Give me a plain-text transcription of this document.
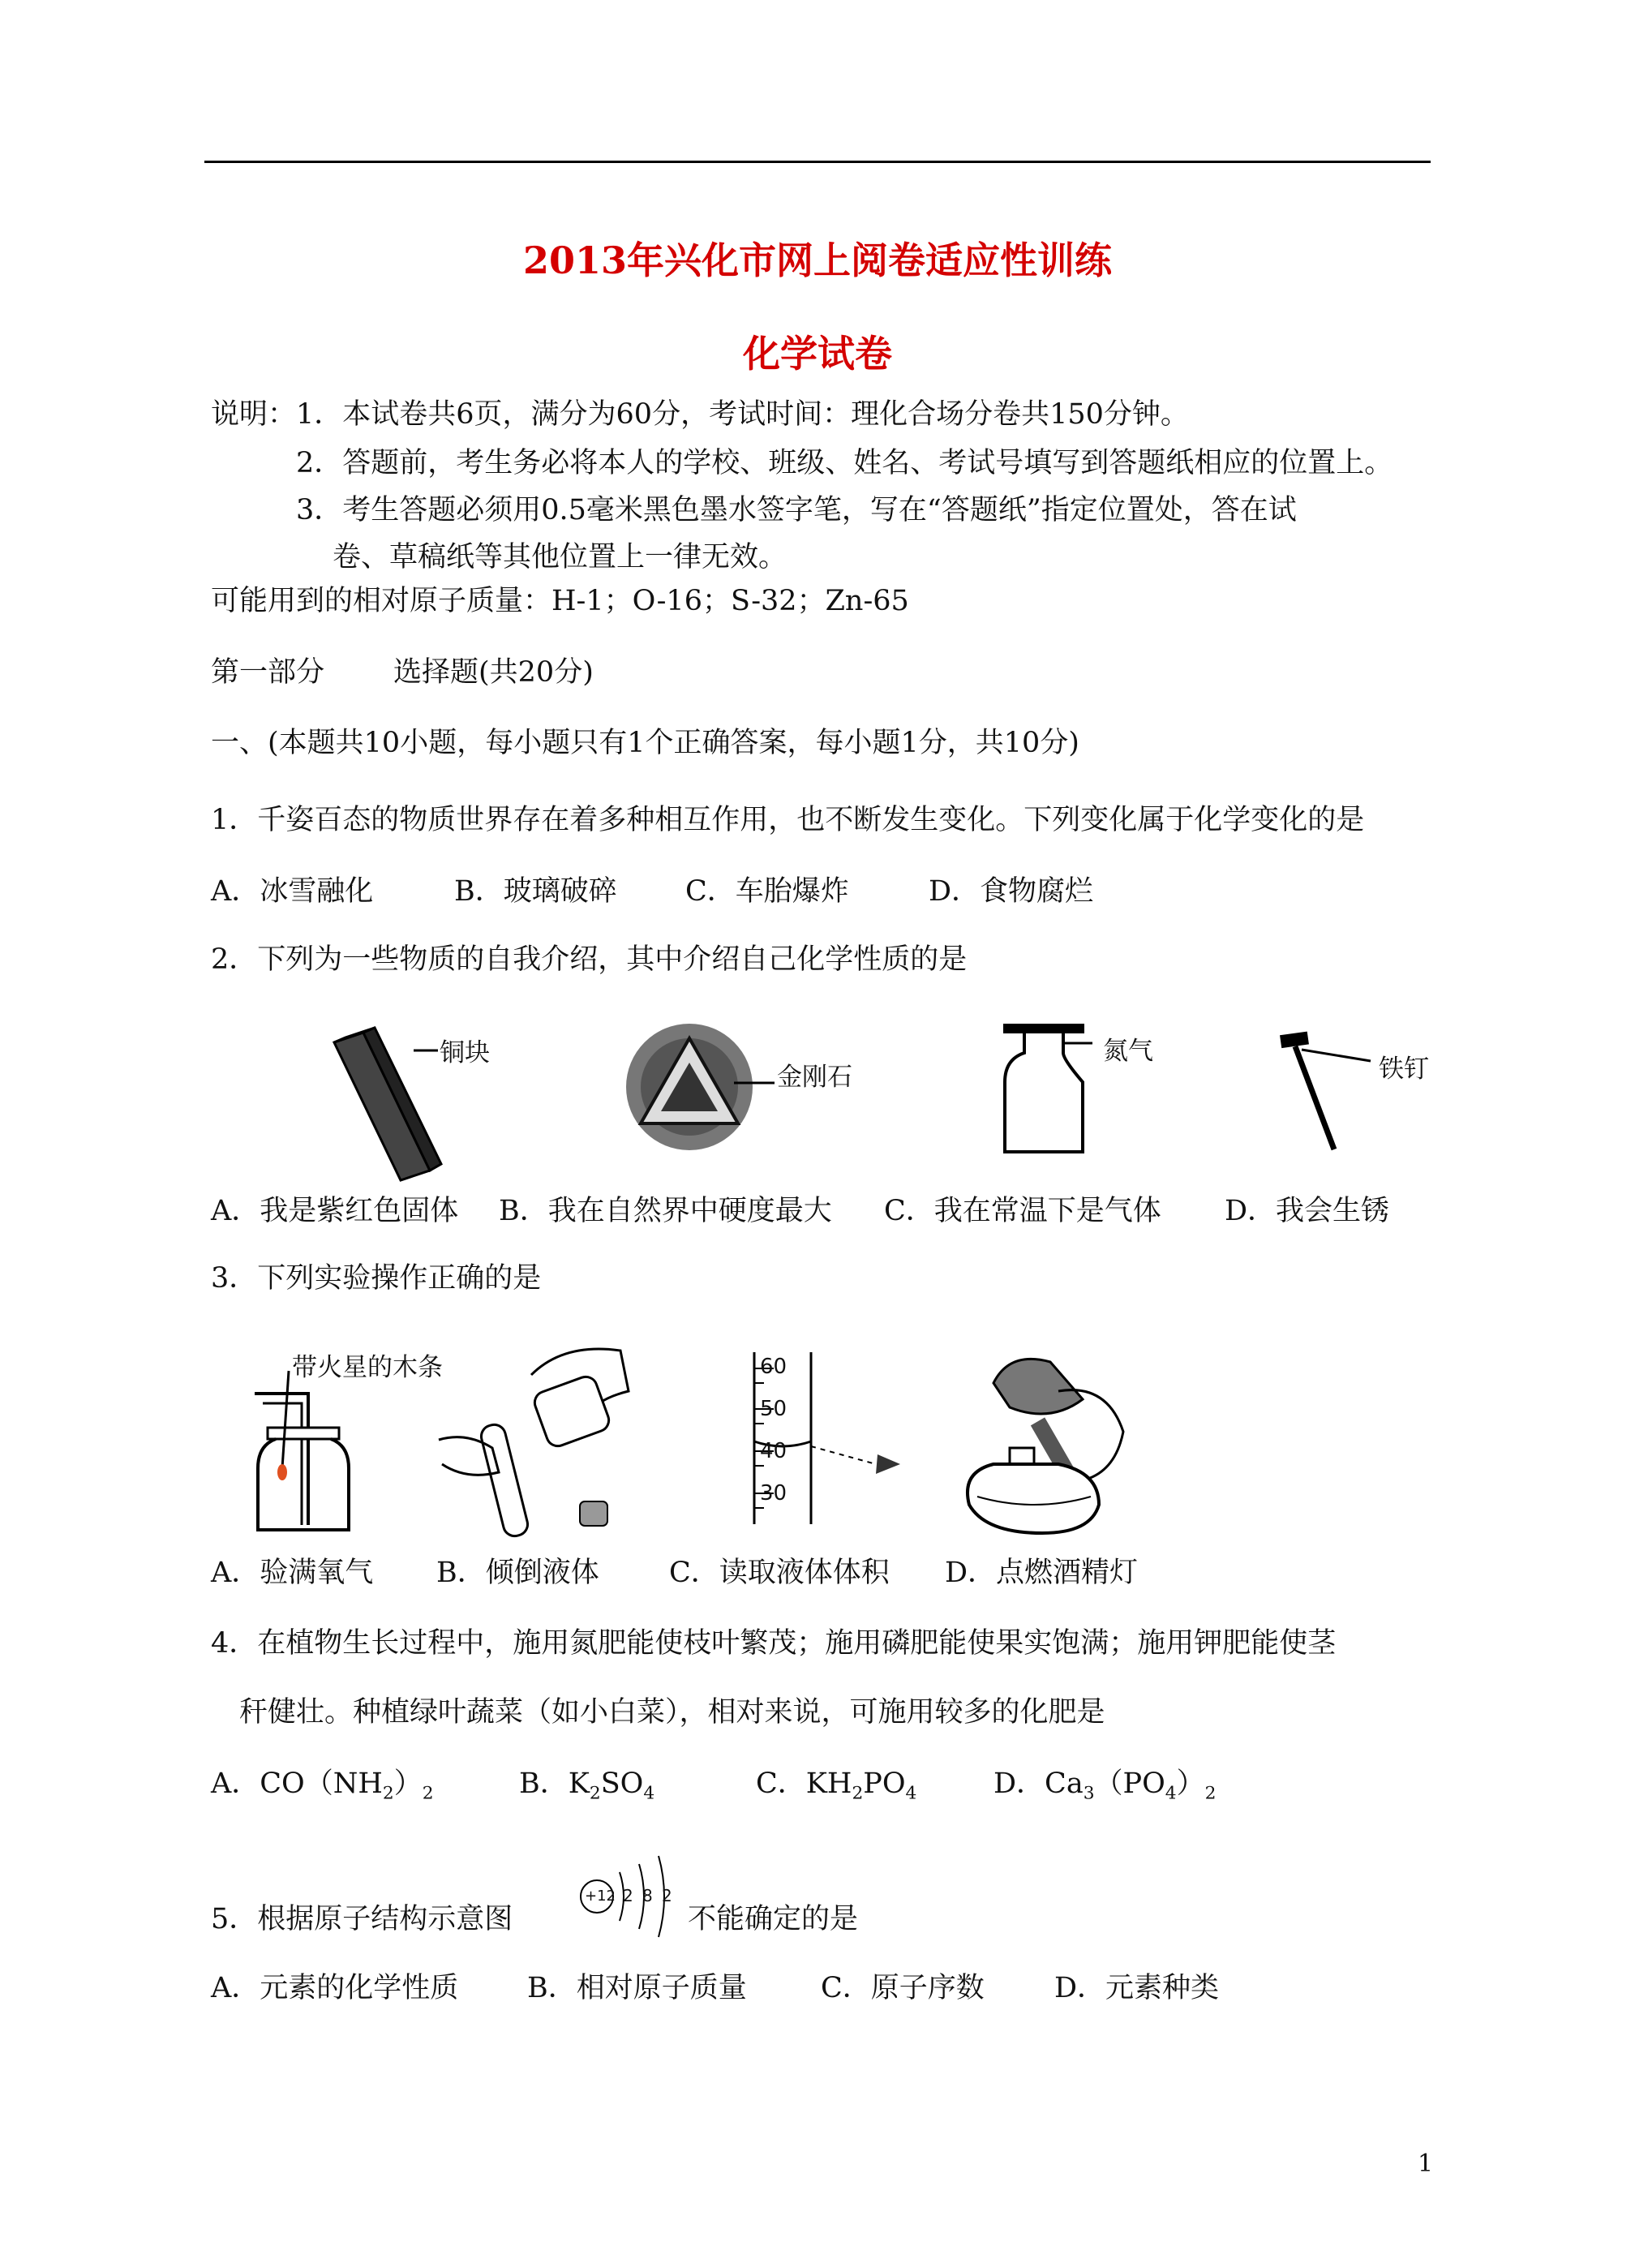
2013年兴化市网上阅卷适应性训练
化学试卷
说明： 1．本试卷共6页，满分为60分，考试时间：理化合场分卷共150分钟。
2．答题前，考生务必将本人的学校、班级、姓名、考试号填写到答题纸相应的位置上。
3．考生答题必须用0.5毫米黑色墨水签字笔，写在“答题纸”指定位置处，答在试
卷、草稿纸等其他位置上一律无效。
可能用到的相对原子质量：H-1；O-16；S-32；Zn-65
第一部分 选择题(共20分)
一、(本题共10小题，每小题只有1个正确答案，每小题1分，共10分)
1．千姿百态的物质世界存在着多种相互作用，也不断发生变化。下列变化属于化学变化的是
A．冰雪融化	B．玻璃破碎 C．车胎爆炸	D．食物腐烂
2．下列为一些物质的自我介绍，其中介绍自己化学性质的是
铜块
金刚石
氮气
铁钉
A．我是紫红色固体 B．我在自然界中硬度最大 C．我在常温下是气体 D．我会生锈
3．下列实验操作正确的是
带火星的木条	60
50
40
30
A．验满氧气 B．倾倒液体 C．读取液体体积 D．点燃酒精灯
4．在植物生长过程中，施用氮肥能使枝叶繁茂；施用磷肥能使果实饱满；施用钾肥能使茎
秆健壮。种植绿叶蔬菜（如小白菜），相对来说，可施用较多的化肥是
A．$CO(NH_2)_2$	B．$K_2SO_4$	C．$KH_2PO_4$	D．$Ca_3(PO_4)_2$
5．根据原子结构示意图
+12 2 8 2
不能确定的是
A．元素的化学性质 B．相对原子质量	C．原子序数 D．元素种类
1
